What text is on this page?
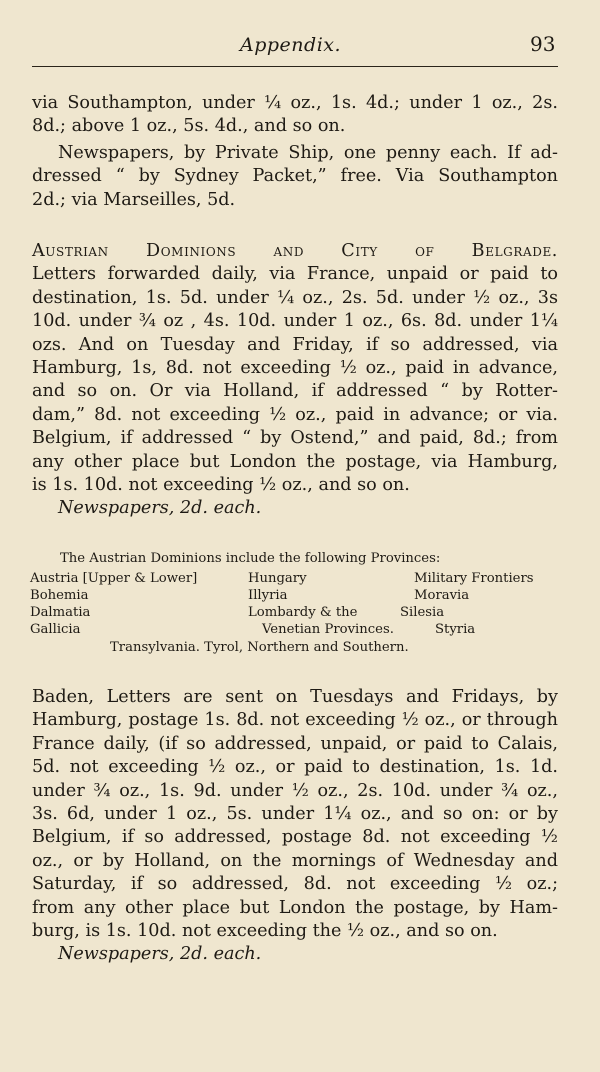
Appendix.	93
via Southampton, under ¼ oz., 1s. 4d.; under 1 oz., 2s.
8d.; above 1 oz., 5s. 4d., and so on.
Newspapers, by Private Ship, one penny each. If ad-
dressed “ by Sydney Packet,” free. Via Southampton
2d.; via Marseilles, 5d.
Austrian Dominions and City of Belgrade.
Letters forwarded daily, via France, unpaid or paid to
destination, 1s. 5d. under ¼ oz., 2s. 5d. under ½ oz., 3s
10d. under ¾ oz , 4s. 10d. under 1 oz., 6s. 8d. under 1¼
ozs. And on Tuesday and Friday, if so addressed, via
Hamburg, 1s, 8d. not exceeding ½ oz., paid in advance,
and so on. Or via Holland, if addressed “ by Rotter-
dam,” 8d. not exceeding ½ oz., paid in advance; or via.
Belgium, if addressed “ by Ostend,” and paid, 8d.; from
any other place but London the postage, via Hamburg,
is 1s. 10d. not exceeding ½ oz., and so on.
Newspapers, 2d. each.
The Austrian Dominions include the following Provinces:
Austria [Upper & Lower]	Hungary	Military Frontiers
Bohemia	Illyria	Moravia
Dalmatia	Lombardy & the	Silesia
Gallicia	Venetian Provinces.	Styria
Transylvania. Tyrol, Northern and Southern.
Baden, Letters are sent on Tuesdays and Fridays, by
Hamburg, postage 1s. 8d. not exceeding ½ oz., or through
France daily, (if so addressed, unpaid, or paid to Calais,
5d. not exceeding ½ oz., or paid to destination, 1s. 1d.
under ¾ oz., 1s. 9d. under ½ oz., 2s. 10d. under ¾ oz.,
3s. 6d, under 1 oz., 5s. under 1¼ oz., and so on: or by
Belgium, if so addressed, postage 8d. not exceeding ½
oz., or by Holland, on the mornings of Wednesday and
Saturday, if so addressed, 8d. not exceeding ½ oz.;
from any other place but London the postage, by Ham-
burg, is 1s. 10d. not exceeding the ½ oz., and so on.
Newspapers, 2d. each.
